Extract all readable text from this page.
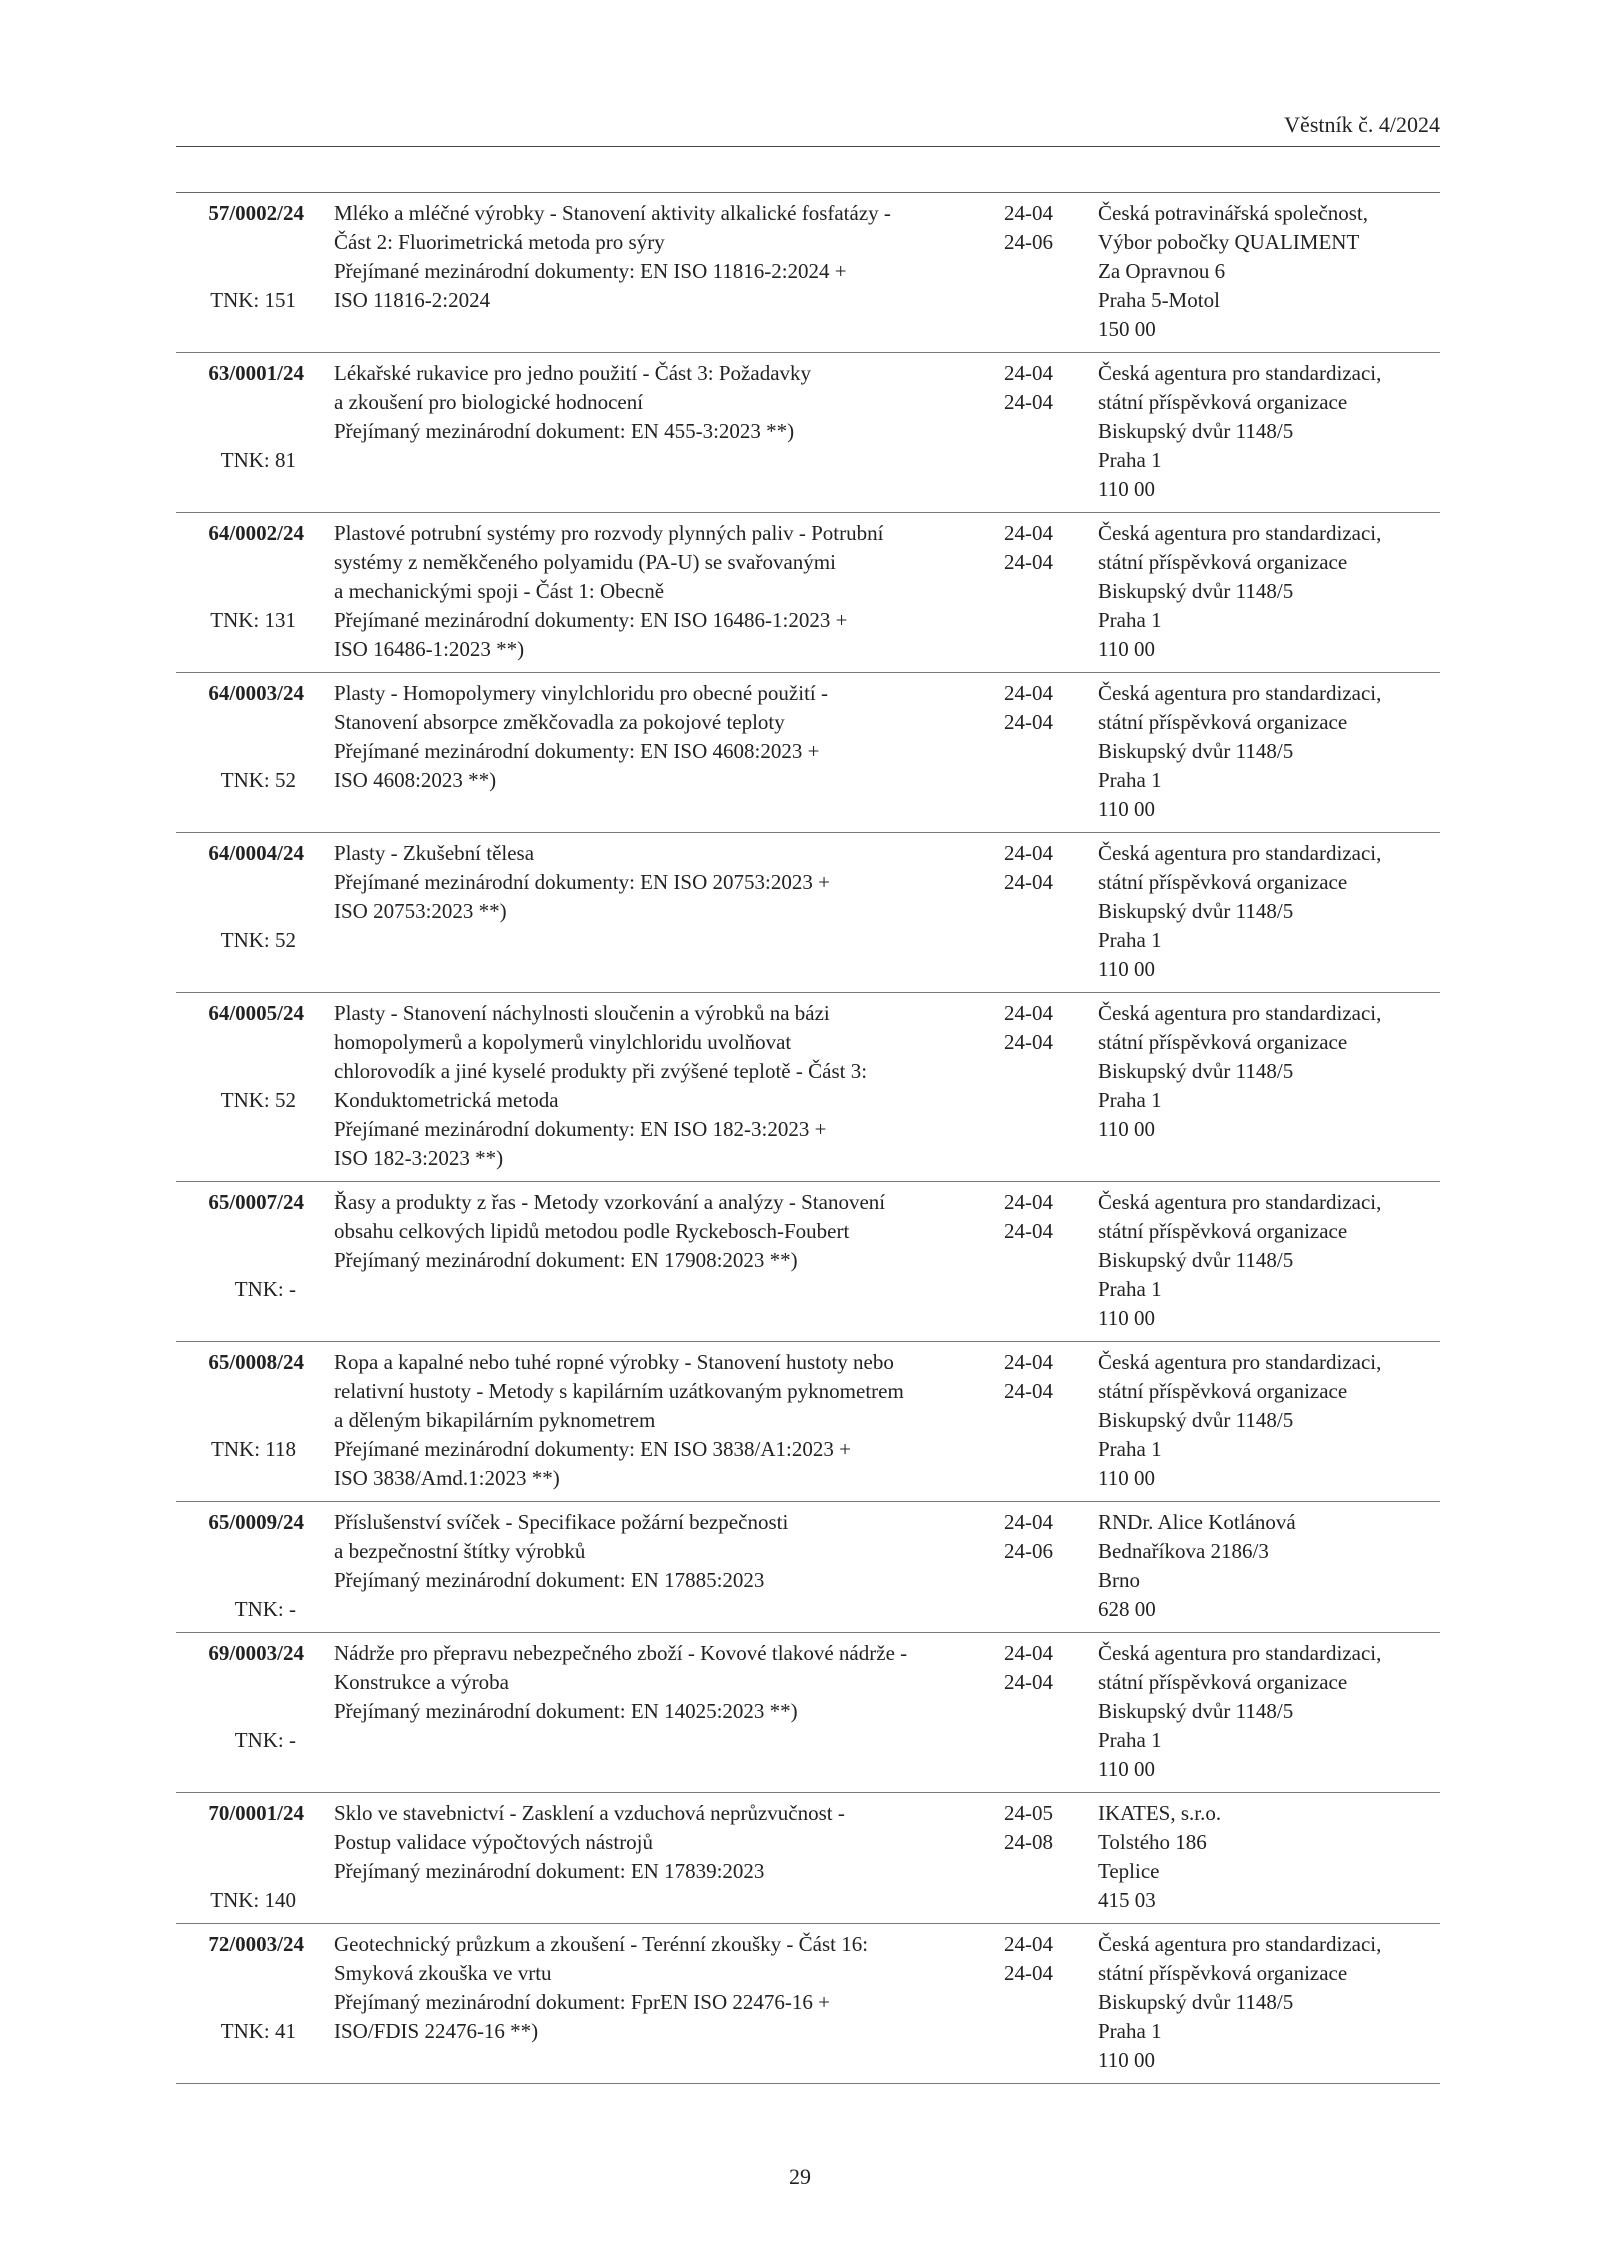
Věstník č. 4/2024
57/0002/24 Mléko a mléčné výrobky - Stanovení aktivity alkalické fosfatázy -
Část 2: Fluorimetrická metoda pro sýry
Přejímané mezinárodní dokumenty: EN ISO 11816-2:2024 +
ISO 11816-2:2024
24-04
24-06
Česká potravinářská společnost,
Výbor pobočky QUALIMENT
Za Opravnou 6
Praha 5-Motol
150 00
TNK: 151
63/0001/24 Lékařské rukavice pro jedno použití - Část 3: Požadavky
a zkoušení pro biologické hodnocení
Přejímaný mezinárodní dokument: EN 455-3:2023 **)
24-04
24-04
Česká agentura pro standardizaci,
státní příspěvková organizace
Biskupský dvůr 1148/5
Praha 1
110 00
TNK: 81
64/0002/24 Plastové potrubní systémy pro rozvody plynných paliv - Potrubní
systémy z neměkčeného polyamidu (PA-U) se svařovanými
a mechanickými spoji - Část 1: Obecně
Přejímané mezinárodní dokumenty: EN ISO 16486-1:2023 +
ISO 16486-1:2023 **)
24-04
24-04
Česká agentura pro standardizaci,
státní příspěvková organizace
Biskupský dvůr 1148/5
Praha 1
110 00
TNK: 131
64/0003/24 Plasty - Homopolymery vinylchloridu pro obecné použití -
Stanovení absorpce změkčovadla za pokojové teploty
Přejímané mezinárodní dokumenty: EN ISO 4608:2023 +
ISO 4608:2023 **)
24-04
24-04
Česká agentura pro standardizaci,
státní příspěvková organizace
Biskupský dvůr 1148/5
Praha 1
110 00
TNK: 52
64/0004/24 Plasty - Zkušební tělesa
Přejímané mezinárodní dokumenty: EN ISO 20753:2023 +
ISO 20753:2023 **)
24-04
24-04
Česká agentura pro standardizaci,
státní příspěvková organizace
Biskupský dvůr 1148/5
Praha 1
110 00
TNK: 52
64/0005/24 Plasty - Stanovení náchylnosti sloučenin a výrobků na bázi
homopolymerů a kopolymerů vinylchloridu uvolňovat
chlorovodík a jiné kyselé produkty při zvýšené teplotě - Část 3:
Konduktometrická metoda
Přejímané mezinárodní dokumenty: EN ISO 182-3:2023 +
ISO 182-3:2023 **)
24-04
24-04
Česká agentura pro standardizaci,
státní příspěvková organizace
Biskupský dvůr 1148/5
Praha 1
110 00
TNK: 52
65/0007/24 Řasy a produkty z řas - Metody vzorkování a analýzy - Stanovení
obsahu celkových lipidů metodou podle Ryckebosch-Foubert
Přejímaný mezinárodní dokument: EN 17908:2023 **)
24-04
24-04
Česká agentura pro standardizaci,
státní příspěvková organizace
Biskupský dvůr 1148/5
Praha 1
110 00
TNK: -
65/0008/24 Ropa a kapalné nebo tuhé ropné výrobky - Stanovení hustoty nebo
relativní hustoty - Metody s kapilárním uzátkovaným pyknometrem
a děleným bikapilárním pyknometrem
Přejímané mezinárodní dokumenty: EN ISO 3838/A1:2023 +
ISO 3838/Amd.1:2023 **)
24-04
24-04
Česká agentura pro standardizaci,
státní příspěvková organizace
Biskupský dvůr 1148/5
Praha 1
110 00
TNK: 118
65/0009/24 Příslušenství svíček - Specifikace požární bezpečnosti
a bezpečnostní štítky výrobků
Přejímaný mezinárodní dokument: EN 17885:2023
24-04
24-06
RNDr. Alice Kotlánová
Bednaříkova 2186/3
Brno
628 00
TNK: -
69/0003/24 Nádrže pro přepravu nebezpečného zboží - Kovové tlakové nádrže -
Konstrukce a výroba
Přejímaný mezinárodní dokument: EN 14025:2023 **)
24-04
24-04
Česká agentura pro standardizaci,
státní příspěvková organizace
Biskupský dvůr 1148/5
Praha 1
110 00
TNK: -
70/0001/24 Sklo ve stavebnictví - Zasklení a vzduchová neprůzvučnost -
Postup validace výpočtových nástrojů
Přejímaný mezinárodní dokument: EN 17839:2023
24-05
24-08
IKATES, s.r.o.
Tolstého 186
Teplice
415 03
TNK: 140
72/0003/24 Geotechnický průzkum a zkoušení - Terénní zkoušky - Část 16:
Smyková zkouška ve vrtu
Přejímaný mezinárodní dokument: FprEN ISO 22476-16 +
ISO/FDIS 22476-16 **)
24-04
24-04
Česká agentura pro standardizaci,
státní příspěvková organizace
Biskupský dvůr 1148/5
Praha 1
110 00
TNK: 41
29
